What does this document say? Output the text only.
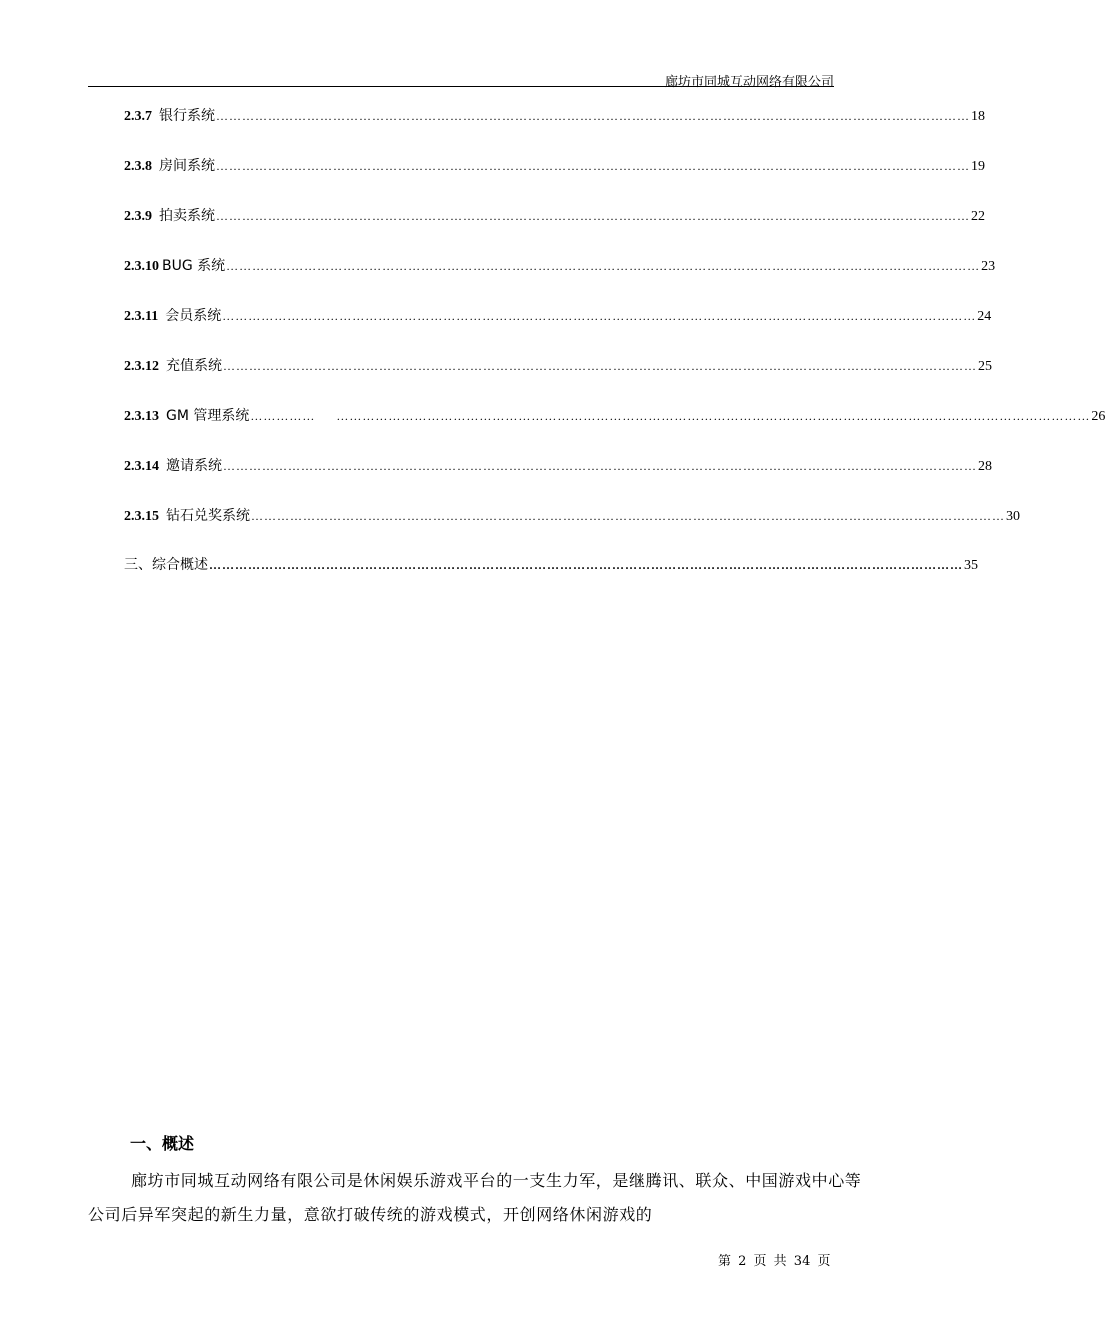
廊坊市同城互动网络有限公司
2.3.7 银行系统 ………………………………………………………………………………………………………………………………………………………… 18
2.3.8 房间系统 ………………………………………………………………………………………………………………………………………………………… 19
2.3.9 拍卖系统 ………………………………………………………………………………………………………………………………………………………… 22
2.3.10 BUG 系统 ………………………………………………………………………………………………………………………………………………………… 23
2.3.11 会员系统 ………………………………………………………………………………………………………………………………………………………… 24
2.3.12 充值系统 ………………………………………………………………………………………………………………………………………………………… 25
2.3.13 GM 管理系统 ……………	………………………………………………………………………………………………………………………………………………………… 26
2.3.14 邀请系统 ………………………………………………………………………………………………………………………………………………………… 28
2.3.15 钻石兑奖系统 ………………………………………………………………………………………………………………………………………………………… 30
三、综合概述 ………………………………………………………………………………………………………………………………………………………… 35
一、概述
廊坊市同城互动网络有限公司是休闲娱乐游戏平台的一支生力军，是继腾讯、联众、中国游戏中心等公司后异军突起的新生力量，意欲打破传统的游戏模式，开创网络休闲游戏的
第 2 页 共 34 页
